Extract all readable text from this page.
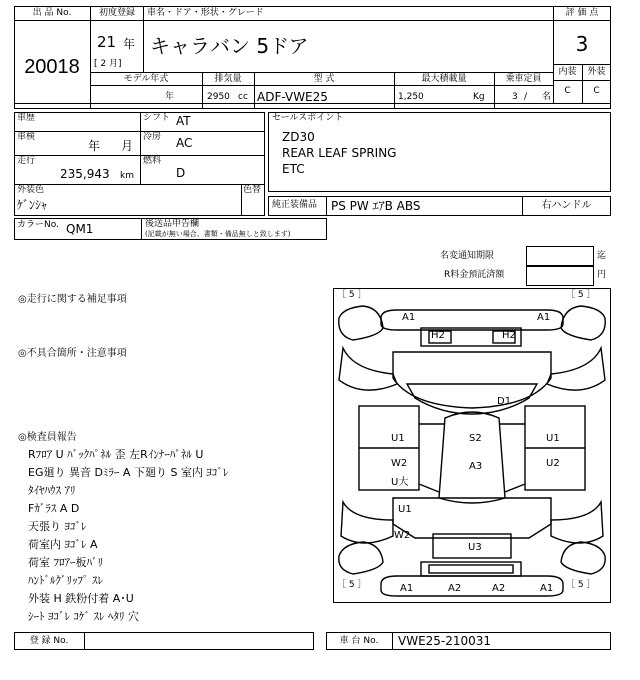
出 品 No.
20018
初度登録
21 年
[ 2 月]
車名・ドア・形状・グレード
キャラバン 5ドア
評 価 点
3
内装	外装
C	C
モデル年式
年
排気量
2950 cc
型 式
ADF-VWE25
最大積載量
1,250	Kg
乗車定員
3 / 名
車歴	シフト AT
車検
年 月
冷房 AC
走行
235,943 km
燃料
D
外装色
ｹﾞﾝｼｬ
色替
カラーNo. QM1	後送品申告欄
(記載が無い場合、書類・備品無しと致します)
セールスポイント
ZD30
REAR LEAF SPRING
ETC
純正装備品 PS PW ｴｱB ABS	右ハンドル
名変通知期限	迄
R料金預託済額	円
◎走行に関する補足事項
◎不具合箇所・注意事項
◎検査員報告
Rﾌﾛｱ U ﾊﾞｯｸﾊﾟﾈﾙ 歪 左Rｲﾝﾅｰﾊﾟﾈﾙ U
EG廻り 異音 Dﾐﾗｰ A 下廻り S 室内 ﾖｺﾞﾚ
ﾀｲﾔﾊｳｽ ｱﾘ
Fｶﾞﾗｽ A D
天張り ﾖｺﾞﾚ
荷室内 ﾖｺﾞﾚ A
荷室 ﾌﾛｱｰ板ﾊﾞﾘ
ﾊﾝﾄﾞﾙｸﾞﾘｯﾌﾟ ｽﾚ
外装 H 鉄粉付着 A･U
ｼｰﾄ ﾖｺﾞﾚ ｺｹﾞ ｽﾚ ﾍﾀﾘ 穴
［ 5 ］	［ 5 ］
［ 5 ］	［ 5 ］
A1	A1
H2	H2
D1
U1	S2	U1
W2	A3	U2
U大
U1
W2
U3
A1	A2	A2	A1
登 録 No.	車 台 No.	VWE25-210031
